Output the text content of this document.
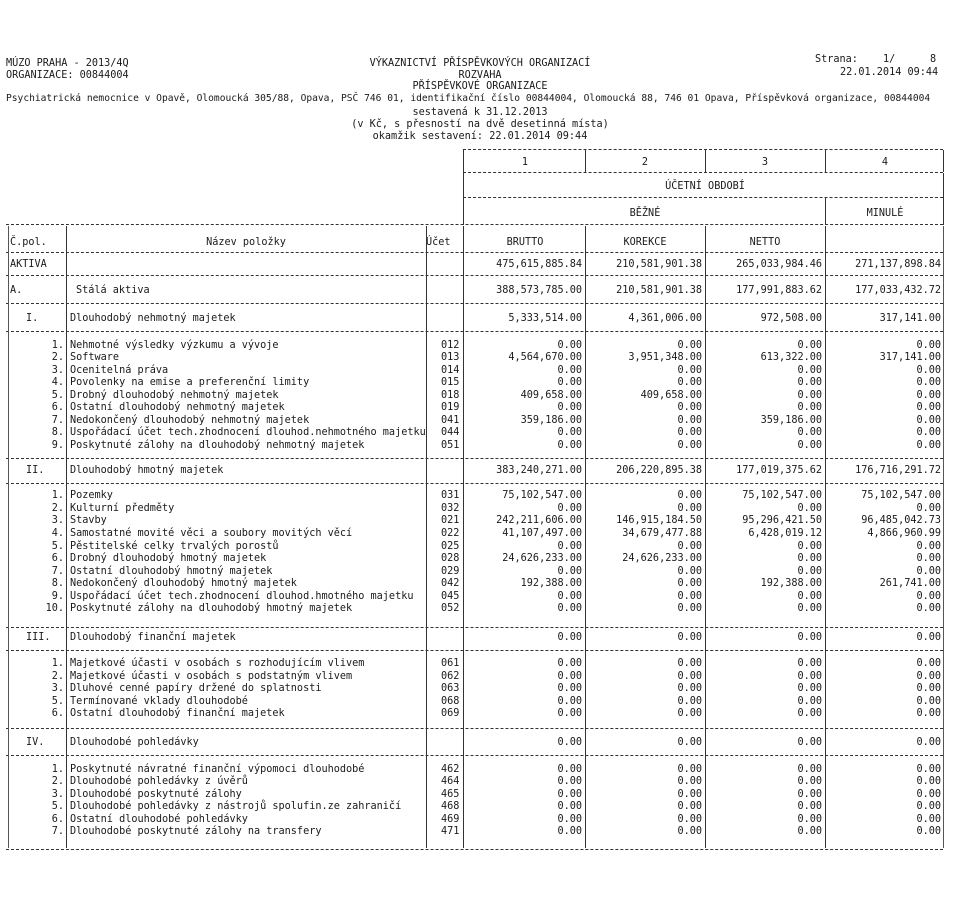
MÚZO PRAHA - 2013/4Q
ORGANIZACE: 00844004
VÝKAZNICTVÍ PŘÍSPĚVKOVÝCH ORGANIZACÍ
ROZVAHA
PŘÍSPĚVKOVÉ ORGANIZACE
Psychiatrická nemocnice v Opavě, Olomoucká 305/88, Opava, PSČ 746 01, identifikační číslo 00844004, Olomoucká 88, 746 01 Opava, Příspěvková organizace, 00844004
sestavená k 31.12.2013
(v Kč, s přesností na dvě desetinná místa)
okamžik sestavení: 22.01.2014 09:44
Strana: 1/	8
22.01.2014 09:44
1	2	3	4
ÚČETNÍ OBDOBÍ
BĚŽNÉ	MINULÉ
Č.pol.	Název položky	Účet	BRUTTO	KOREKCE	NETTO
AKTIVA	475,615,885.84	210,581,901.38	265,033,984.46	271,137,898.84
A.	Stálá aktiva	388,573,785.00	210,581,901.38	177,991,883.62	177,033,432.72
I.	Dlouhodobý nehmotný majetek	5,333,514.00	4,361,006.00	972,508.00	317,141.00
1. Nehmotné výsledky výzkumu a vývoje	012	0.00	0.00	0.00	0.00
2. Software	013	4,564,670.00	3,951,348.00	613,322.00	317,141.00
3. Ocenitelná práva	014	0.00	0.00	0.00	0.00
4. Povolenky na emise a preferenční limity	015	0.00	0.00	0.00	0.00
5. Drobný dlouhodobý nehmotný majetek	018	409,658.00	409,658.00	0.00	0.00
6. Ostatní dlouhodobý nehmotný majetek	019	0.00	0.00	0.00	0.00
7. Nedokončený dlouhodobý nehmotný majetek	041	359,186.00	0.00	359,186.00	0.00
8. Uspořádací účet tech.zhodnocení dlouhod.nehmotného majetku 044	0.00	0.00	0.00	0.00
9. Poskytnuté zálohy na dlouhodobý nehmotný majetek	051	0.00	0.00	0.00	0.00
II.	Dlouhodobý hmotný majetek	383,240,271.00	206,220,895.38	177,019,375.62	176,716,291.72
1. Pozemky	031	75,102,547.00	0.00	75,102,547.00	75,102,547.00
2. Kulturní předměty	032	0.00	0.00	0.00	0.00
3. Stavby	021	242,211,606.00	146,915,184.50	95,296,421.50	96,485,042.73
4. Samostatné movité věci a soubory movitých věcí	022	41,107,497.00	34,679,477.88	6,428,019.12	4,866,960.99
5. Pěstitelské celky trvalých porostů	025	0.00	0.00	0.00	0.00
6. Drobný dlouhodobý hmotný majetek	028	24,626,233.00	24,626,233.00	0.00	0.00
7. Ostatní dlouhodobý hmotný majetek	029	0.00	0.00	0.00	0.00
8. Nedokončený dlouhodobý hmotný majetek	042	192,388.00	0.00	192,388.00	261,741.00
9. Uspořádací účet tech.zhodnocení dlouhod.hmotného majetku	045	0.00	0.00	0.00	0.00
10. Poskytnuté zálohy na dlouhodobý hmotný majetek	052	0.00	0.00	0.00	0.00
III.	Dlouhodobý finanční majetek	0.00	0.00	0.00	0.00
1. Majetkové účasti v osobách s rozhodujícím vlivem	061	0.00	0.00	0.00	0.00
2. Majetkové účasti v osobách s podstatným vlivem	062	0.00	0.00	0.00	0.00
3. Dluhové cenné papíry držené do splatnosti	063	0.00	0.00	0.00	0.00
5. Termínované vklady dlouhodobé	068	0.00	0.00	0.00	0.00
6. Ostatní dlouhodobý finanční majetek	069	0.00	0.00	0.00	0.00
IV.	Dlouhodobé pohledávky	0.00	0.00	0.00	0.00
1. Poskytnuté návratné finanční výpomoci dlouhodobé	462	0.00	0.00	0.00	0.00
2. Dlouhodobé pohledávky z úvěrů	464	0.00	0.00	0.00	0.00
3. Dlouhodobé poskytnuté zálohy	465	0.00	0.00	0.00	0.00
5. Dlouhodobé pohledávky z nástrojů spolufin.ze zahraničí	468	0.00	0.00	0.00	0.00
6. Ostatní dlouhodobé pohledávky	469	0.00	0.00	0.00	0.00
7. Dlouhodobé poskytnuté zálohy na transfery	471	0.00	0.00	0.00	0.00
